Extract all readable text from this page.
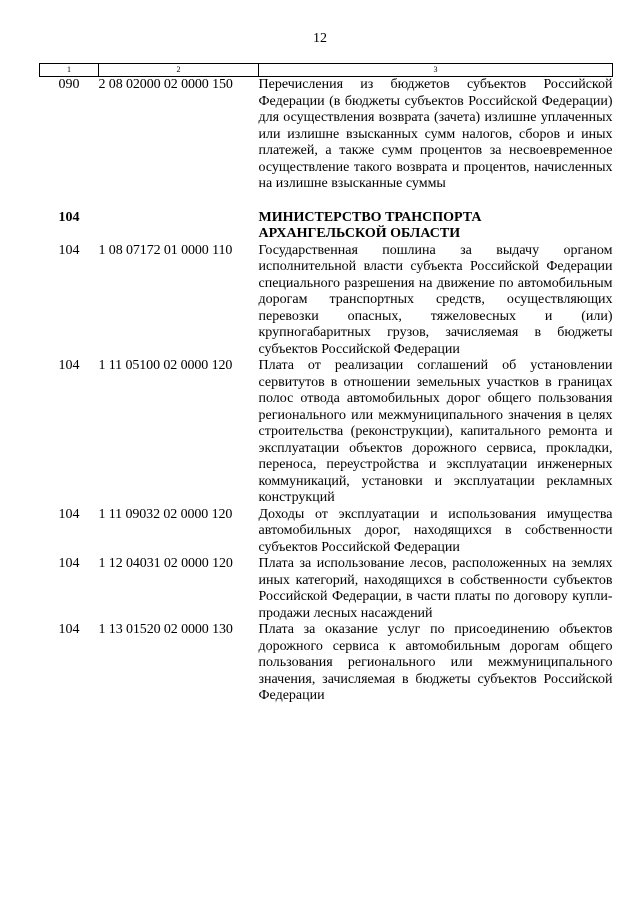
12
1	2	3
090	2 08 02000 02 0000 150	Перечисления из бюджетов субъектов Российской Федерации (в бюджеты субъектов Российской Федерации) для осуществления возврата (зачета) излишне уплаченных или излишне взысканных сумм налогов, сборов и иных платежей, а также сумм процентов за несвоевременное осуществление такого возврата и процентов, начисленных на излишне взысканные суммы
104		МИНИСТЕРСТВО ТРАНСПОРТА АРХАНГЕЛЬСКОЙ ОБЛАСТИ
104	1 08 07172 01 0000 110	Государственная пошлина за выдачу органом исполнительной власти субъекта Российской Федерации специального разрешения на движение по автомобильным дорогам транспортных средств, осуществляющих перевозки опасных, тяжеловесных и (или) крупногабаритных грузов, зачисляемая в бюджеты субъектов Российской Федерации
104	1 11 05100 02 0000 120	Плата от реализации соглашений об установлении сервитутов в отношении земельных участков в границах полос отвода автомобильных дорог общего пользования регионального или межмуниципального значения в целях строительства (реконструкции), капитального ремонта и эксплуатации объектов дорожного сервиса, прокладки, переноса, переустройства и эксплуатации инженерных коммуникаций, установки и эксплуатации рекламных конструкций
104	1 11 09032 02 0000 120	Доходы от эксплуатации и использования имущества автомобильных дорог, находящихся в собственности субъектов Российской Федерации
104	1 12 04031 02 0000 120	Плата за использование лесов, расположенных на землях иных категорий, находящихся в собственности субъектов Российской Федерации, в части платы по договору купли-продажи лесных насаждений
104	1 13 01520 02 0000 130	Плата за оказание услуг по присоединению объектов дорожного сервиса к автомобильным дорогам общего пользования регионального или межмуниципального значения, зачисляемая в бюджеты субъектов Российской Федерации
